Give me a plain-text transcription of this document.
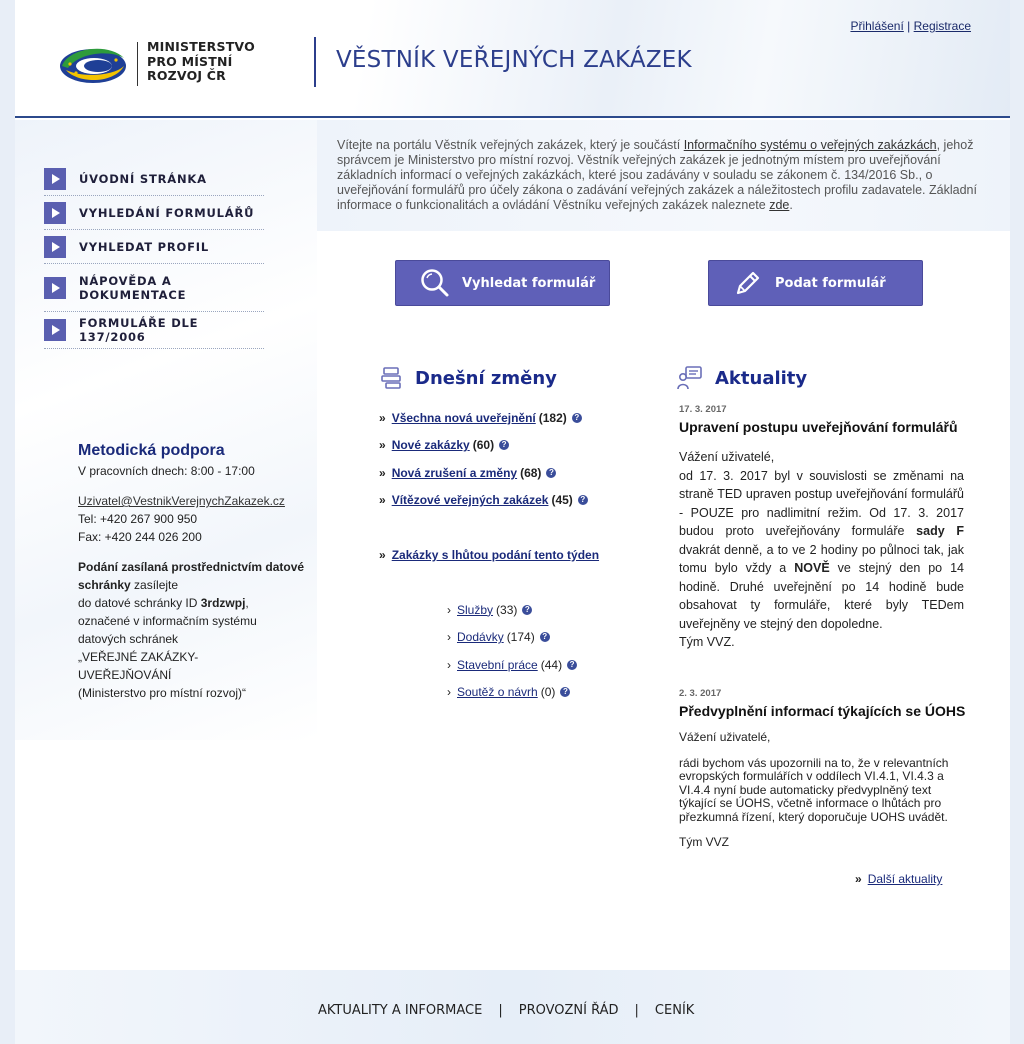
MINISTERSTVO
PRO MÍSTNÍ
ROZVOJ ČR
VĚSTNÍK VEŘEJNÝCH ZAKÁZEK
Přihlášení | Registrace
ÚVODNÍ STRÁNKA
VYHLEDÁNÍ FORMULÁŘŮ
VYHLEDAT PROFIL
NÁPOVĚDA A DOKUMENTACE
FORMULÁŘE DLE 137/2006
Metodická podpora
V pracovních dnech: 8:00 - 17:00
Uzivatel@VestnikVerejnychZakazek.cz
Tel: +420 267 900 950
Fax: +420 244 026 200

Podání zasílaná prostřednictvím datové schránky zasílejte
do datové schránky ID 3rdzwpj,
označené v informačním systému
datových schránek
„VEŘEJNÉ ZAKÁZKY-
UVEŘEJŇOVÁNÍ
(Ministerstvo pro místní rozvoj)“

Vítejte na portálu Věstník veřejných zakázek, který je součástí Informačního systému o veřejných zakázkách, jehož správcem je Ministerstvo pro místní rozvoj. Věstník veřejných zakázek je jednotným místem pro uveřejňování základních informací o veřejných zakázkách, které jsou zadávány v souladu se zákonem č. 134/2016 Sb., o uveřejňování formulářů pro účely zákona o zadávání veřejných zakázek a náležitostech profilu zadavatele. Základní informace o funkcionalitách a ovládání Věstníku veřejných zakázek naleznete zde.

Vyhledat formulář	Podat formulář
Dnešní změny
» Všechna nová uveřejnění (182) ?
» Nové zakázky (60) ?
» Nová zrušení a změny (68) ?
» Vítězové veřejných zakázek (45) ?
» Zakázky s lhůtou podání tento týden
› Služby (33) ?
› Dodávky (174) ?
› Stavební práce (44) ?
› Soutěž o návrh (0) ?
Aktuality
17. 3. 2017
Upravení postupu uveřejňování formulářů
Vážení uživatelé,
od 17. 3. 2017 byl v souvislosti se změnami na straně TED upraven postup uveřejňování formulářů - POUZE pro nadlimitní režim. Od 17. 3. 2017 budou proto uveřejňovány formuláře sady F dvakrát denně, a to ve 2 hodiny po půlnoci tak, jak tomu bylo vždy a NOVĚ ve stejný den po 14 hodině. Druhé uveřejnění po 14 hodině bude obsahovat ty formuláře, které byly TEDem uveřejněny ve stejný den dopoledne.
Tým VVZ.
2. 3. 2017
Předvyplnění informací týkajících se ÚOHS

Vážení uživatelé,

rádi bychom vás upozornili na to, že v relevantních evropských formulářích v oddílech VI.4.1, VI.4.3 a VI.4.4 nyní bude automaticky předvyplněný text týkající se ÚOHS, včetně informace o lhůtách pro přezkumná řízení, který doporučuje UOHS uvádět.

Tým VVZ

» Další aktuality
AKTUALITY A INFORMACE | PROVOZNÍ ŘÁD | CENÍK
